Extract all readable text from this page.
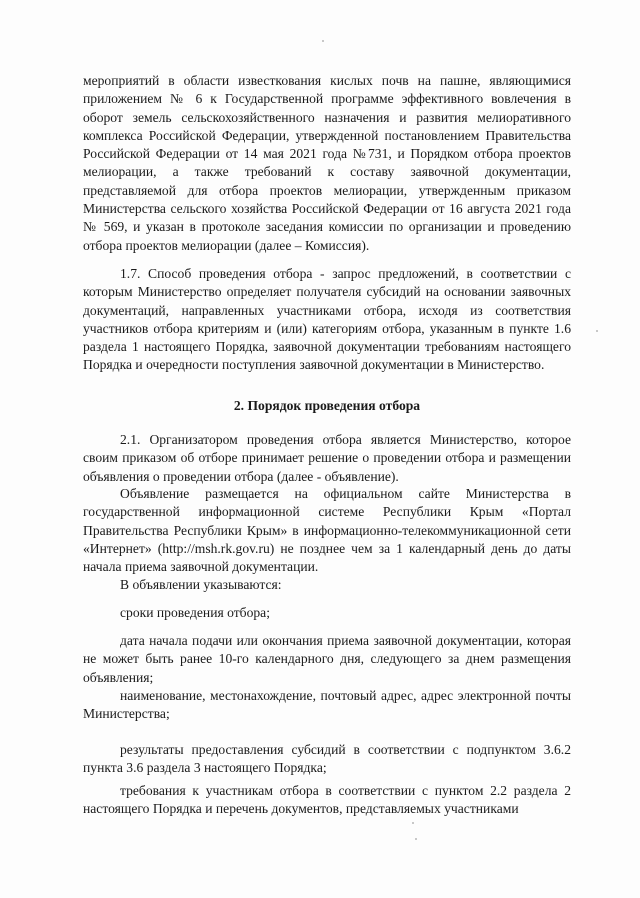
мероприятий в области известкования кислых почв на пашне, являющимися приложением № 6 к Государственной программе эффективного вовлечения в оборот земель сельскохозяйственного назначения и развития мелиоративного комплекса Российской Федерации, утвержденной постановлением Правительства Российской Федерации от 14 мая 2021 года №731, и Порядком отбора проектов мелиорации, а также требований к составу заявочной документации, представляемой для отбора проектов мелиорации, утвержденным приказом Министерства сельского хозяйства Российской Федерации от 16 августа 2021 года № 569, и указан в протоколе заседания комиссии по организации и проведению отбора проектов мелиорации (далее – Комиссия).

1.7. Способ проведения отбора - запрос предложений, в соответствии с которым Министерство определяет получателя субсидий на основании заявочных документаций, направленных участниками отбора, исходя из соответствия участников отбора критериям и (или) категориям отбора, указанным в пункте 1.6 раздела 1 настоящего Порядка, заявочной документации требованиям настоящего Порядка и очередности поступления заявочной документации в Министерство.

2. Порядок проведения отбора

2.1. Организатором проведения отбора является Министерство, которое своим приказом об отборе принимает решение о проведении отбора и размещении объявления о проведении отбора (далее - объявление).

Объявление размещается на официальном сайте Министерства в государственной информационной системе Республики Крым «Портал Правительства Республики Крым» в информационно-телекоммуникационной сети «Интернет» (http://msh.rk.gov.ru) не позднее чем за 1 календарный день до даты начала приема заявочной документации.

В объявлении указываются:

сроки проведения отбора;

дата начала подачи или окончания приема заявочной документации, которая не может быть ранее 10-го календарного дня, следующего за днем размещения объявления;

наименование, местонахождение, почтовый адрес, адрес электронной почты Министерства;

результаты предоставления субсидий в соответствии с подпунктом 3.6.2 пункта 3.6 раздела 3 настоящего Порядка;

требования к участникам отбора в соответствии с пунктом 2.2 раздела 2 настоящего Порядка и перечень документов, представляемых участниками
